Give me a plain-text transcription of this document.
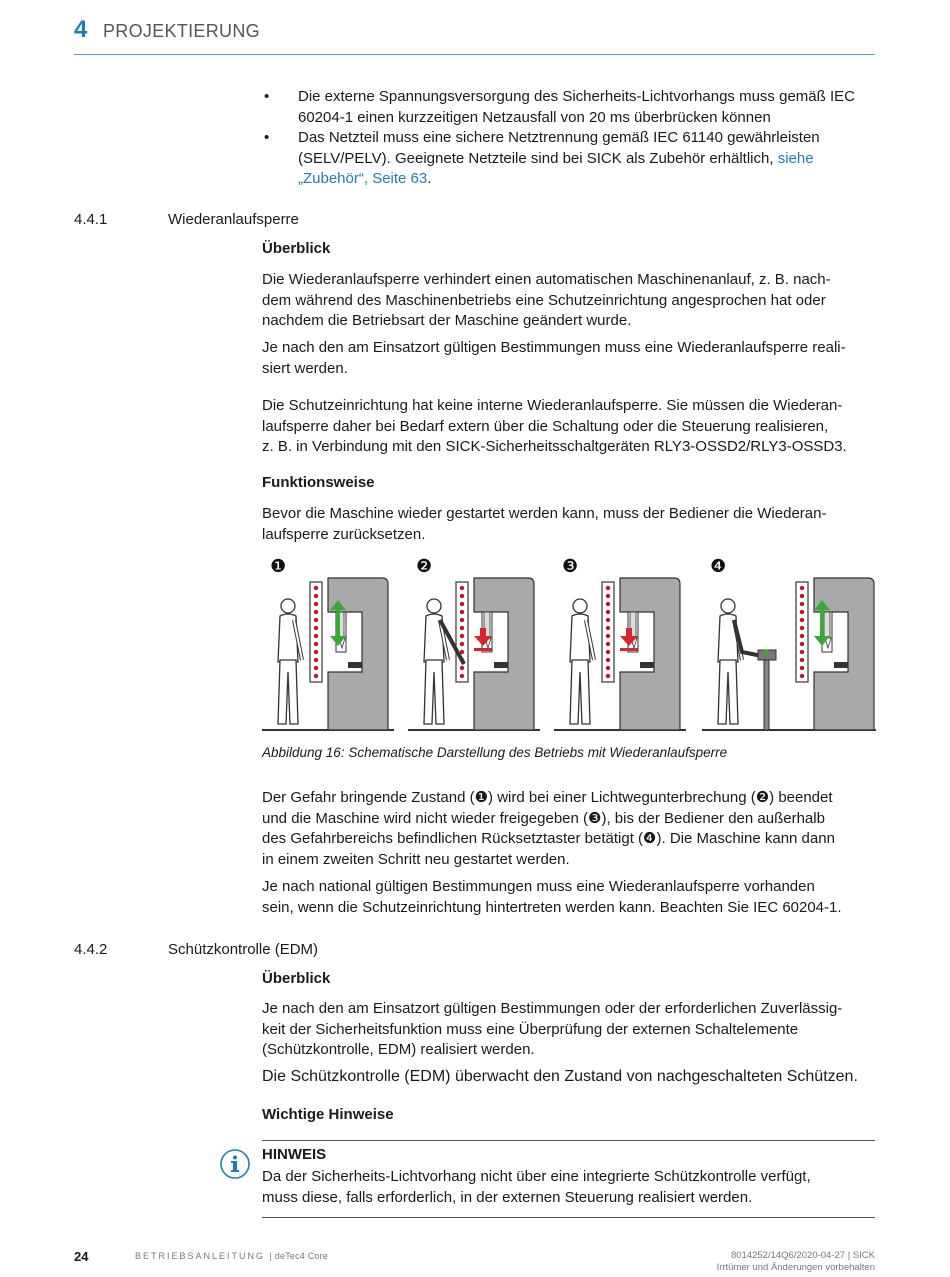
4 PROJEKTIERUNG
• Die externe Spannungsversorgung des Sicherheits-Lichtvorhangs muss gemäß IEC 60204-1 einen kurzzeitigen Netzausfall von 20 ms überbrücken können
• Das Netzteil muss eine sichere Netztrennung gemäß IEC 61140 gewährleisten (SELV/PELV). Geeignete Netzteile sind bei SICK als Zubehör erhältlich, siehe „Zubehör“, Seite 63.
4.4.1	Wiederanlaufsperre
Überblick

Die Wiederanlaufsperre verhindert einen automatischen Maschinenanlauf, z. B. nach-

dem während des Maschinenbetriebs eine Schutzeinrichtung angesprochen hat oder

nachdem die Betriebsart der Maschine geändert wurde.

Je nach den am Einsatzort gültigen Bestimmungen muss eine Wiederanlaufsperre reali-

siert werden.

Die Schutzeinrichtung hat keine interne Wiederanlaufsperre. Sie müssen die Wiederan-

laufsperre daher bei Bedarf extern über die Schaltung oder die Steuerung realisieren,

z. B. in Verbindung mit den SICK-Sicherheitsschaltgeräten RLY3-OSSD2/RLY3-OSSD3.

Funktionsweise

Bevor die Maschine wieder gestartet werden kann, muss der Bediener die Wiederan-

laufsperre zurücksetzen.

❶	❷	❸	❹
Abbildung 16: Schematische Darstellung des Betriebs mit Wiederanlaufsperre

Der Gefahr bringende Zustand (❶) wird bei einer Lichtwegunterbrechung (❷) beendet

und die Maschine wird nicht wieder freigegeben (❸), bis der Bediener den außerhalb

des Gefahrbereichs befindlichen Rücksetztaster betätigt (❹). Die Maschine kann dann

in einem zweiten Schritt neu gestartet werden.

Je nach national gültigen Bestimmungen muss eine Wiederanlaufsperre vorhanden

sein, wenn die Schutzeinrichtung hintertreten werden kann. Beachten Sie IEC 60204-1.

4.4.2	Schützkontrolle (EDM)
Überblick

Je nach den am Einsatzort gültigen Bestimmungen oder der erforderlichen Zuverlässig-

keit der Sicherheitsfunktion muss eine Überprüfung der externen Schaltelemente

(Schützkontrolle, EDM) realisiert werden.

Die Schützkontrolle (EDM) überwacht den Zustand von nachgeschalteten Schützen.
Wichtige Hinweise
HINWEIS

Da der Sicherheits-Lichtvorhang nicht über eine integrierte Schützkontrolle verfügt,

muss diese, falls erforderlich, in der externen Steuerung realisiert werden.

24	BETRIEBSANLEITUNG | deTec4 Core	8014252/14Q6/2020-04-27 | SICK
Irrtümer und Änderungen vorbehalten
